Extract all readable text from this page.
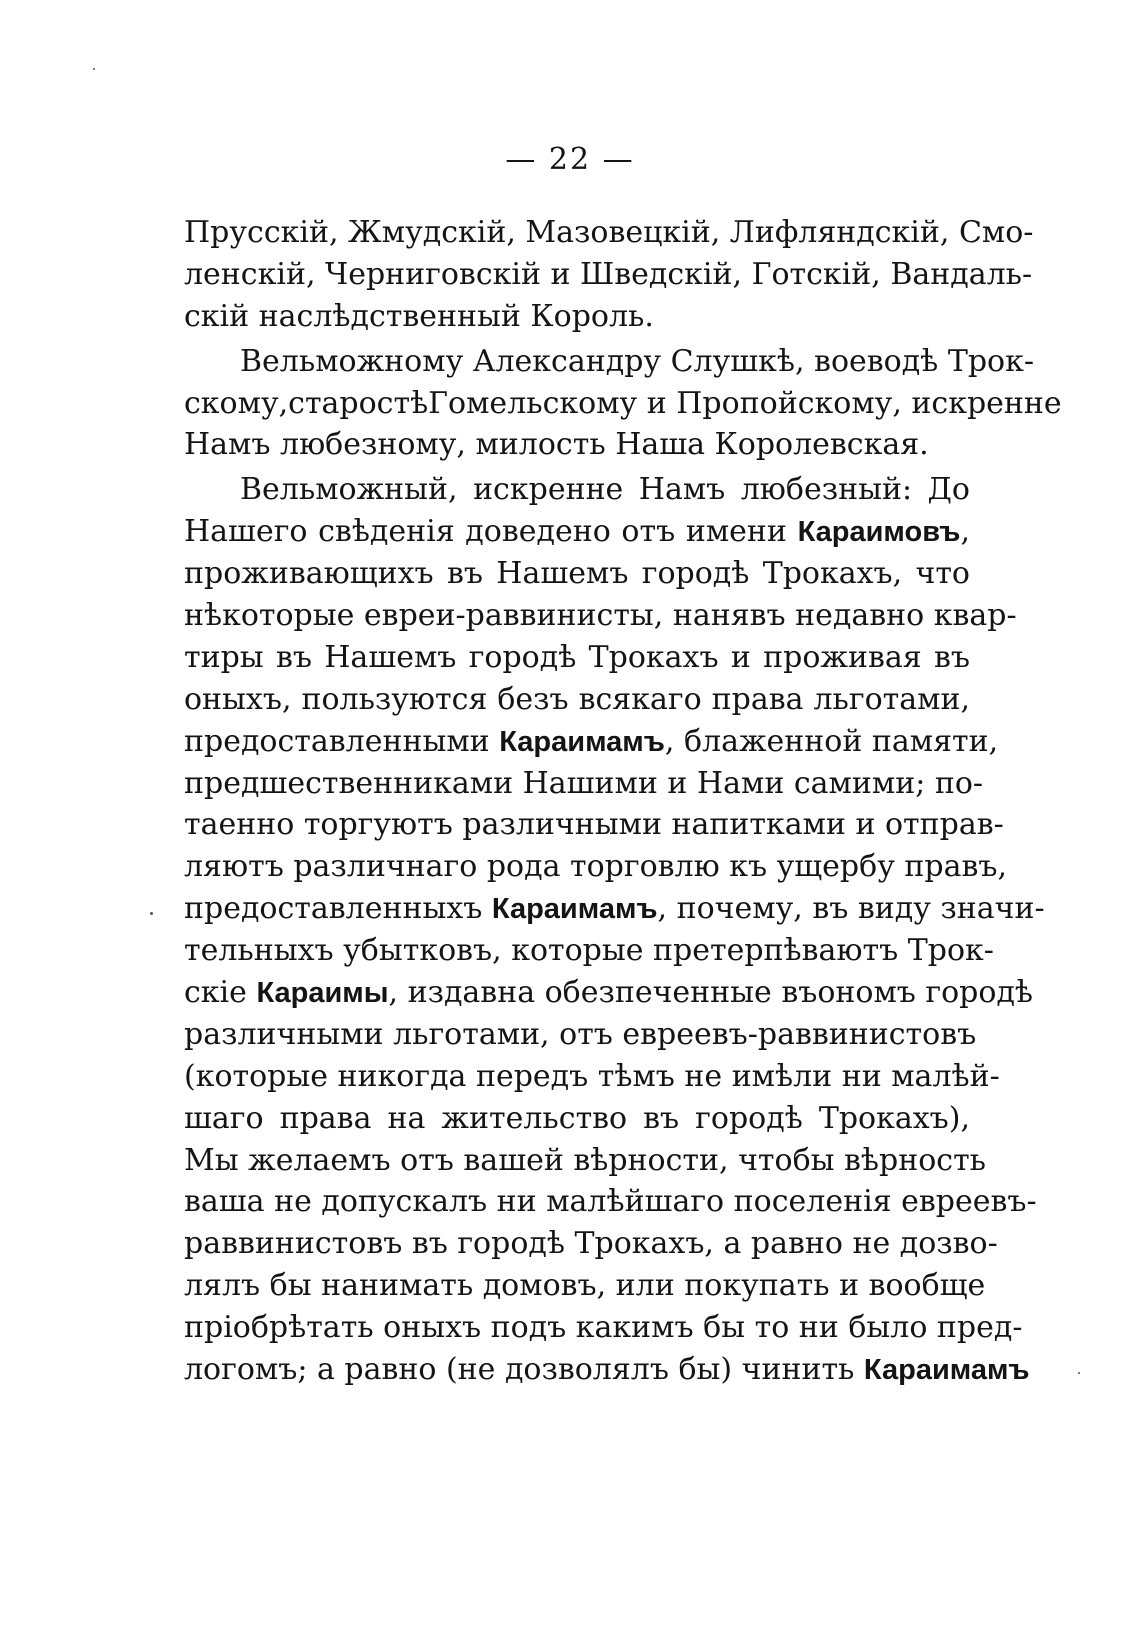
— 22 —
Прусскій, Жмудскій, Мазовецкій, Лифляндскій, Смо-
ленскій, Черниговскій и Шведскій, Готскій, Вандаль-
скій наслѣдственный Король.
Вельможному Александру Слушкѣ, воеводѣ Трок-
скому,старостѣГомельскому и Пропойскому, искренне
Намъ любезному, милость Наша Королевская.
Вельможный, искренне Намъ любезный: До
Нашего свѣденія доведено отъ имени Караимовъ,
проживающихъ въ Нашемъ городѣ Трокахъ, что
нѣкоторые евреи-раввинисты, нанявъ недавно квар-
тиры въ Нашемъ городѣ Трокахъ и проживая въ
оныхъ, пользуются безъ всякаго права льготами,
предоставленными Караимамъ, блаженной памяти,
предшественниками Нашими и Нами самими; по-
таенно торгуютъ различными напитками и отправ-
ляютъ различнаго рода торговлю къ ущербу правъ,
предоставленныхъ Караимамъ, почему, въ виду значи-
тельныхъ убытковъ, которые претерпѣваютъ Трок-
скіе Караимы, издавна обезпеченные въономъ городѣ
различными льготами, отъ евреевъ-раввинистовъ
(которые никогда передъ тѣмъ не имѣли ни малѣй-
шаго права на жительство въ городѣ Трокахъ),
Мы желаемъ отъ вашей вѣрности, чтобы вѣрность
ваша не допускалъ ни малѣйшаго поселенія евреевъ-
раввинистовъ въ городѣ Трокахъ, а равно не дозво-
лялъ бы нанимать домовъ, или покупать и вообще
пріобрѣтать оныхъ подъ какимъ бы то ни было пред-
логомъ; а равно (не дозволялъ бы) чинить Караимамъ
